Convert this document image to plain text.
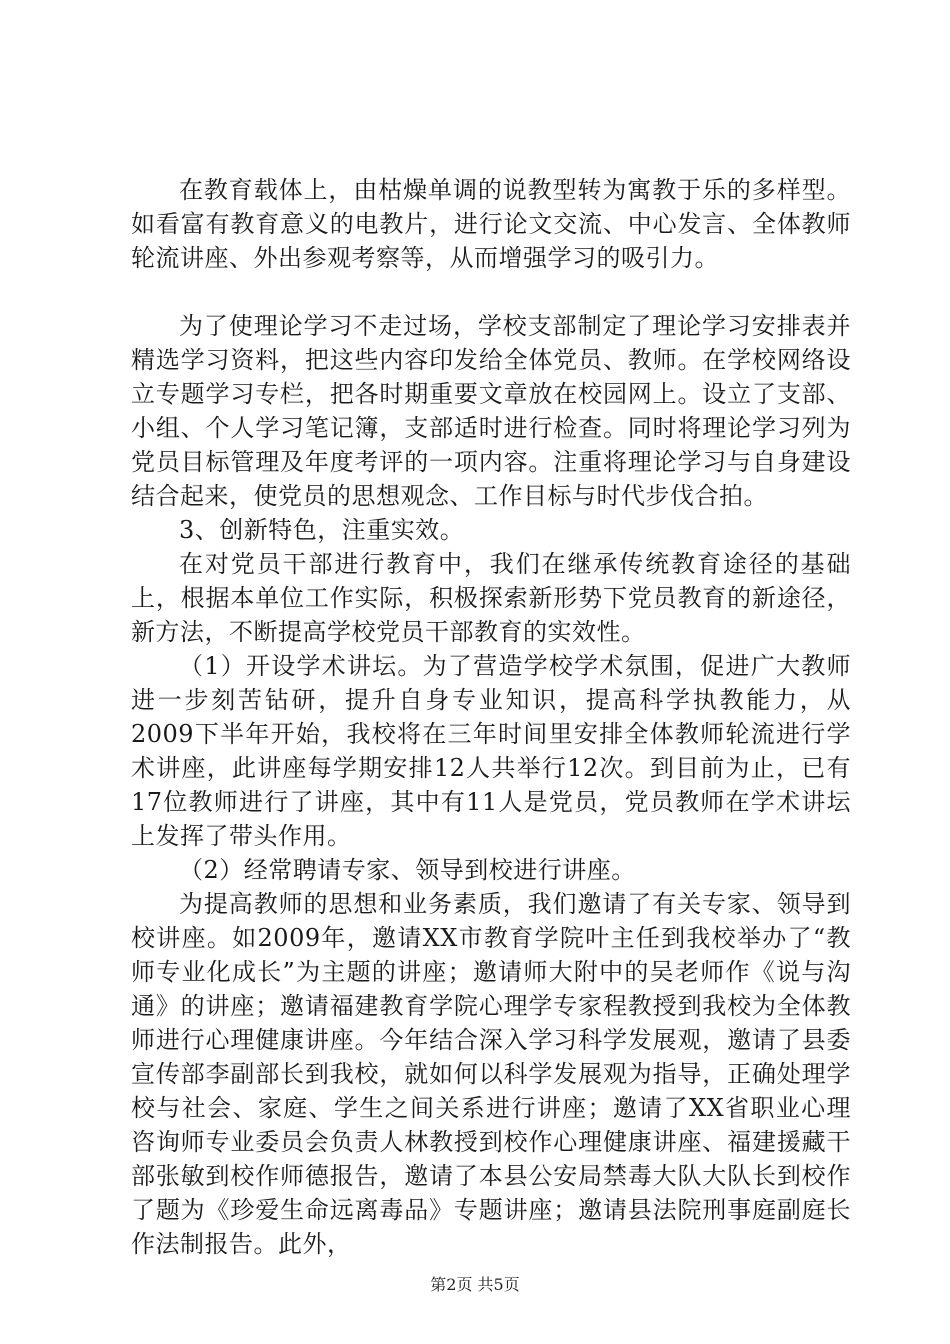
在教育载体上，由枯燥单调的说教型转为寓教于乐的多样型。如看富有教育意义的电教片，进行论文交流、中心发言、全体教师轮流讲座、外出参观考察等，从而增强学习的吸引力。

为了使理论学习不走过场，学校支部制定了理论学习安排表并精选学习资料，把这些内容印发给全体党员、教师。在学校网络设立专题学习专栏，把各时期重要文章放在校园网上。设立了支部、小组、个人学习笔记簿，支部适时进行检查。同时将理论学习列为党员目标管理及年度考评的一项内容。注重将理论学习与自身建设结合起来，使党员的思想观念、工作目标与时代步伐合拍。

3、创新特色，注重实效。

在对党员干部进行教育中，我们在继承传统教育途径的基础上，根据本单位工作实际，积极探索新形势下党员教育的新途径，新方法，不断提高学校党员干部教育的实效性。

（1）开设学术讲坛。为了营造学校学术氛围，促进广大教师进一步刻苦钻研，提升自身专业知识，提高科学执教能力，从2009下半年开始，我校将在三年时间里安排全体教师轮流进行学术讲座，此讲座每学期安排12人共举行12次。到目前为止，已有17位教师进行了讲座，其中有11人是党员，党员教师在学术讲坛上发挥了带头作用。

（2）经常聘请专家、领导到校进行讲座。

为提高教师的思想和业务素质，我们邀请了有关专家、领导到校讲座。如2009年，邀请XX市教育学院叶主任到我校举办了“教师专业化成长”为主题的讲座；邀请师大附中的吴老师作《说与沟通》的讲座；邀请福建教育学院心理学专家程教授到我校为全体教师进行心理健康讲座。今年结合深入学习科学发展观，邀请了县委宣传部李副部长到我校，就如何以科学发展观为指导，正确处理学校与社会、家庭、学生之间关系进行讲座；邀请了XX省职业心理咨询师专业委员会负责人林教授到校作心理健康讲座、福建援藏干部张敏到校作师德报告，邀请了本县公安局禁毒大队大队长到校作了题为《珍爱生命远离毒品》专题讲座；邀请县法院刑事庭副庭长作法制报告。此外，

第2页 共5页
